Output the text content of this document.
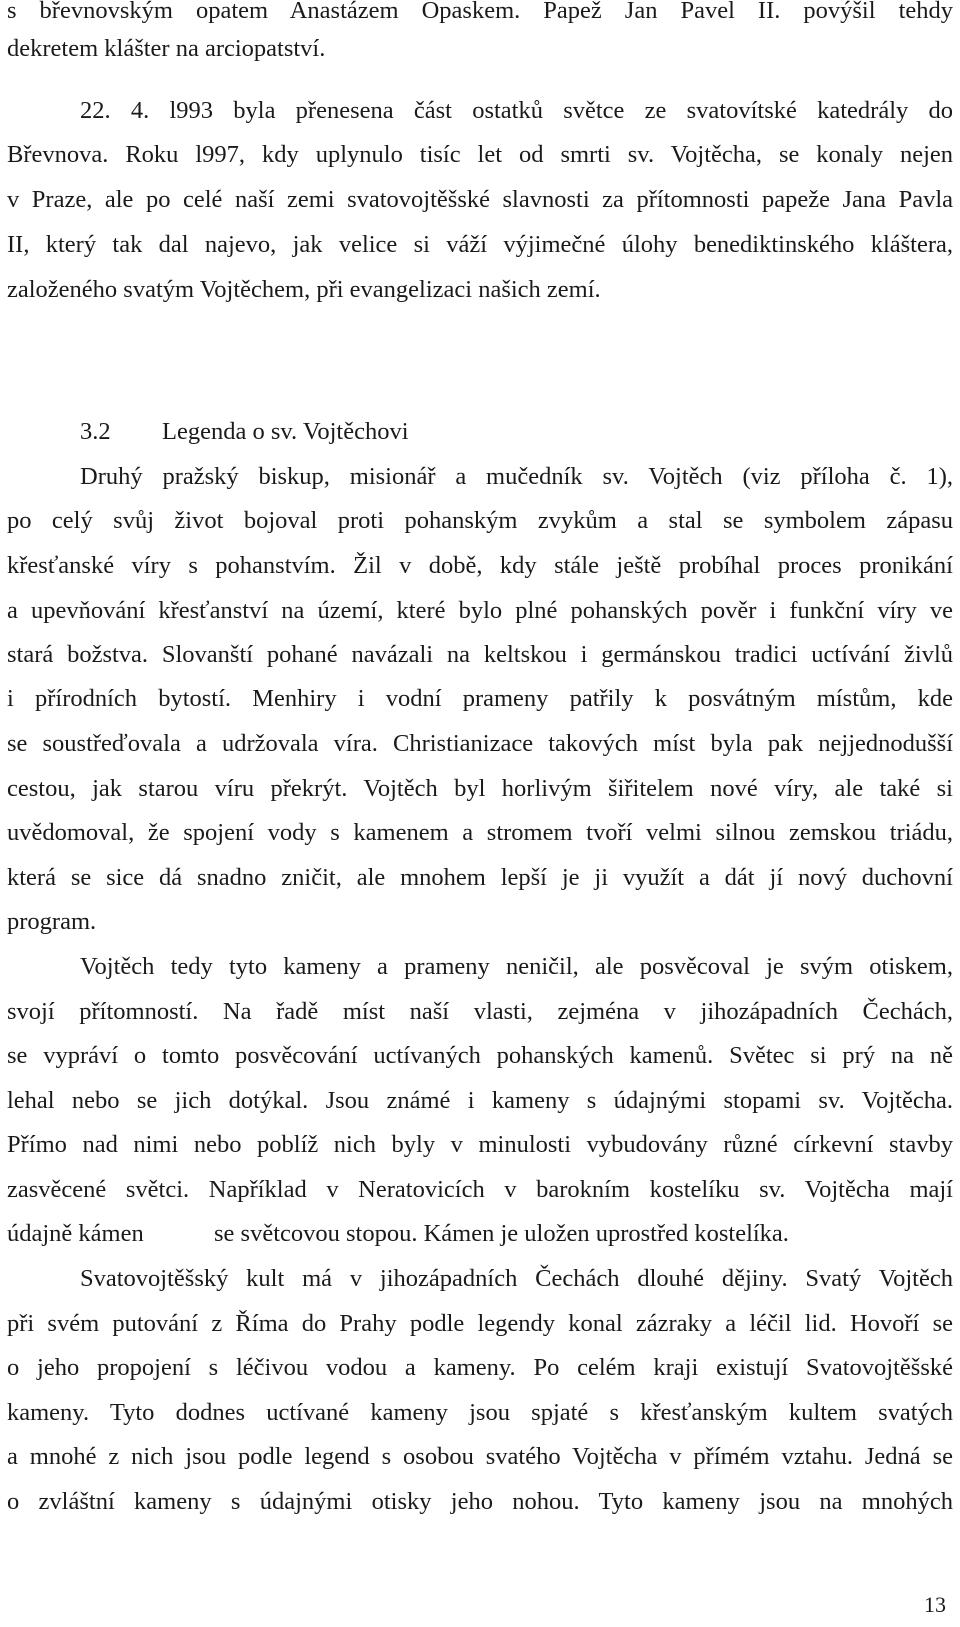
s břevnovským opatem Anastázem Opaskem. Papež Jan Pavel II. povýšil tehdy
dekretem klášter na arciopatství.
22. 4. l993 byla přenesena část ostatků světce ze svatovítské katedrály do
Břevnova. Roku l997, kdy uplynulo tisíc let od smrti sv. Vojtěcha, se konaly nejen
v Praze, ale po celé naší zemi svatovojtěšské slavnosti za přítomnosti papeže Jana Pavla
II, který tak dal najevo, jak velice si váží výjimečné úlohy benediktinského kláštera,
založeného svatým Vojtěchem, při evangelizaci našich zemí.
3.2 Legenda o sv. Vojtěchovi
Druhý pražský biskup, misionář a mučedník sv. Vojtěch (viz příloha č. 1),
po celý svůj život bojoval proti pohanským zvykům a stal se symbolem zápasu
křesťanské víry s pohanstvím. Žil v době, kdy stále ještě probíhal proces pronikání
a upevňování křesťanství na území, které bylo plné pohanských pověr i funkční víry ve
stará božstva. Slovanští pohané navázali na keltskou i germánskou tradici uctívání živlů
i přírodních bytostí. Menhiry i vodní prameny patřily k posvátným místům, kde
se soustřeďovala a udržovala víra. Christianizace takových míst byla pak nejjednodušší
cestou, jak starou víru překrýt. Vojtěch byl horlivým šiřitelem nové víry, ale také si
uvědomoval, že spojení vody s kamenem a stromem tvoří velmi silnou zemskou triádu,
která se sice dá snadno zničit, ale mnohem lepší je ji využít a dát jí nový duchovní
program.
Vojtěch tedy tyto kameny a prameny neničil, ale posvěcoval je svým otiskem,
svojí přítomností. Na řadě míst naší vlasti, zejména v jihozápadních Čechách,
se vypráví o tomto posvěcování uctívaných pohanských kamenů. Světec si prý na ně
lehal nebo se jich dotýkal. Jsou známé i kameny s údajnými stopami sv. Vojtěcha.
Přímo nad nimi nebo poblíž nich byly v minulosti vybudovány různé církevní stavby
zasvěcené světci. Například v Neratovicích v barokním kostelíku sv. Vojtěcha mají
údajně kámen	se světcovou stopou. Kámen je uložen uprostřed kostelíka.
Svatovojtěšský kult má v jihozápadních Čechách dlouhé dějiny. Svatý Vojtěch
při svém putování z Říma do Prahy podle legendy konal zázraky a léčil lid. Hovoří se
o jeho propojení s léčivou vodou a kameny. Po celém kraji existují Svatovojtěšské
kameny. Tyto dodnes uctívané kameny jsou spjaté s křesťanským kultem svatých
a mnohé z nich jsou podle legend s osobou svatého Vojtěcha v přímém vztahu. Jedná se
o zvláštní kameny s údajnými otisky jeho nohou. Tyto kameny jsou na mnohých
13
